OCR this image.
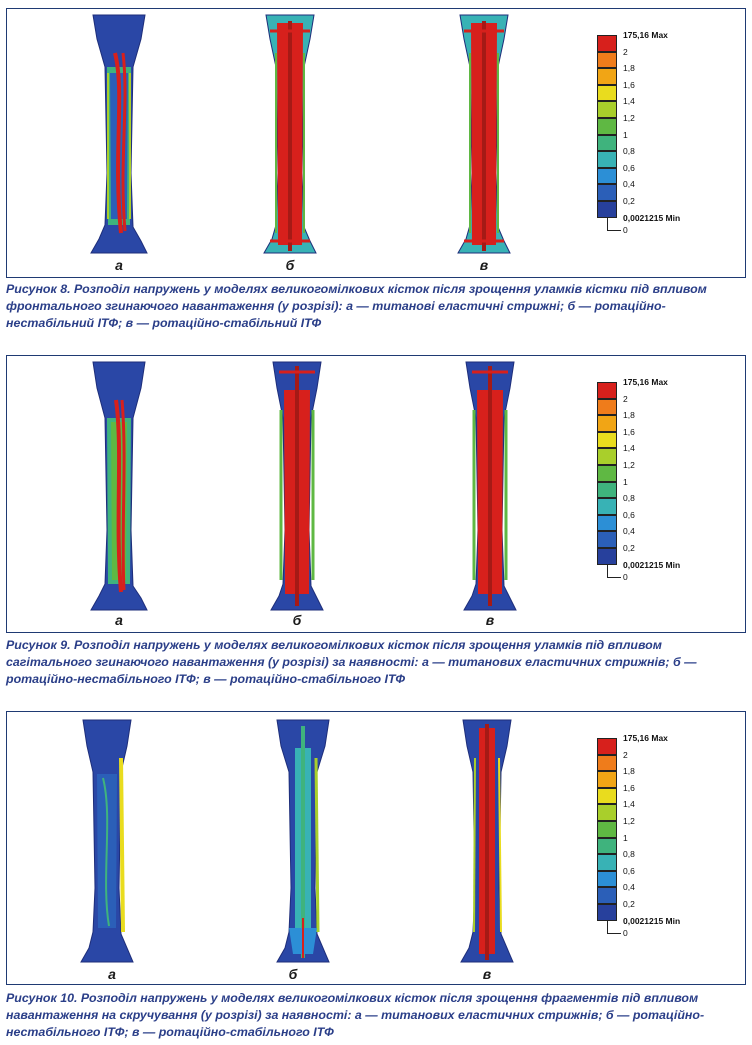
а	б	в
175,16 Max
2
1,8
1,6
1,4
1,2
1
0,8
0,6
0,4
0,2
0,0021215 Min
0

Рисунок 8. Розподіл напружень у моделях великогомілкових кісток після зрощення уламків кістки під впливом фронтального згинаючого навантаження (у розрізі): а — титанові еластичні стрижні; б — ротаційно-нестабільний ІТФ; в — ротаційно-стабільний ІТФ

а	б	в
175,16 Max
2
1,8
1,6
1,4
1,2
1
0,8
0,6
0,4
0,2
0,0021215 Min
0

Рисунок 9. Розподіл напружень у моделях великогомілкових кісток після зрощення уламків під впливом сагітального згинаючого навантаження (у розрізі) за наявності: а — титанових еластичних стрижнів; б — ротаційно-нестабільного ІТФ; в — ротаційно-стабільного ІТФ

а	б	в
175,16 Max
2
1,8
1,6
1,4
1,2
1
0,8
0,6
0,4
0,2
0,0021215 Min
0

Рисунок 10. Розподіл напружень у моделях великогомілкових кісток після зрощення фрагментів під впливом навантаження на скручування (у розрізі) за наявності: а — титанових еластичних стрижнів; б — ротаційно-нестабільного ІТФ; в — ротаційно-стабільного ІТФ
